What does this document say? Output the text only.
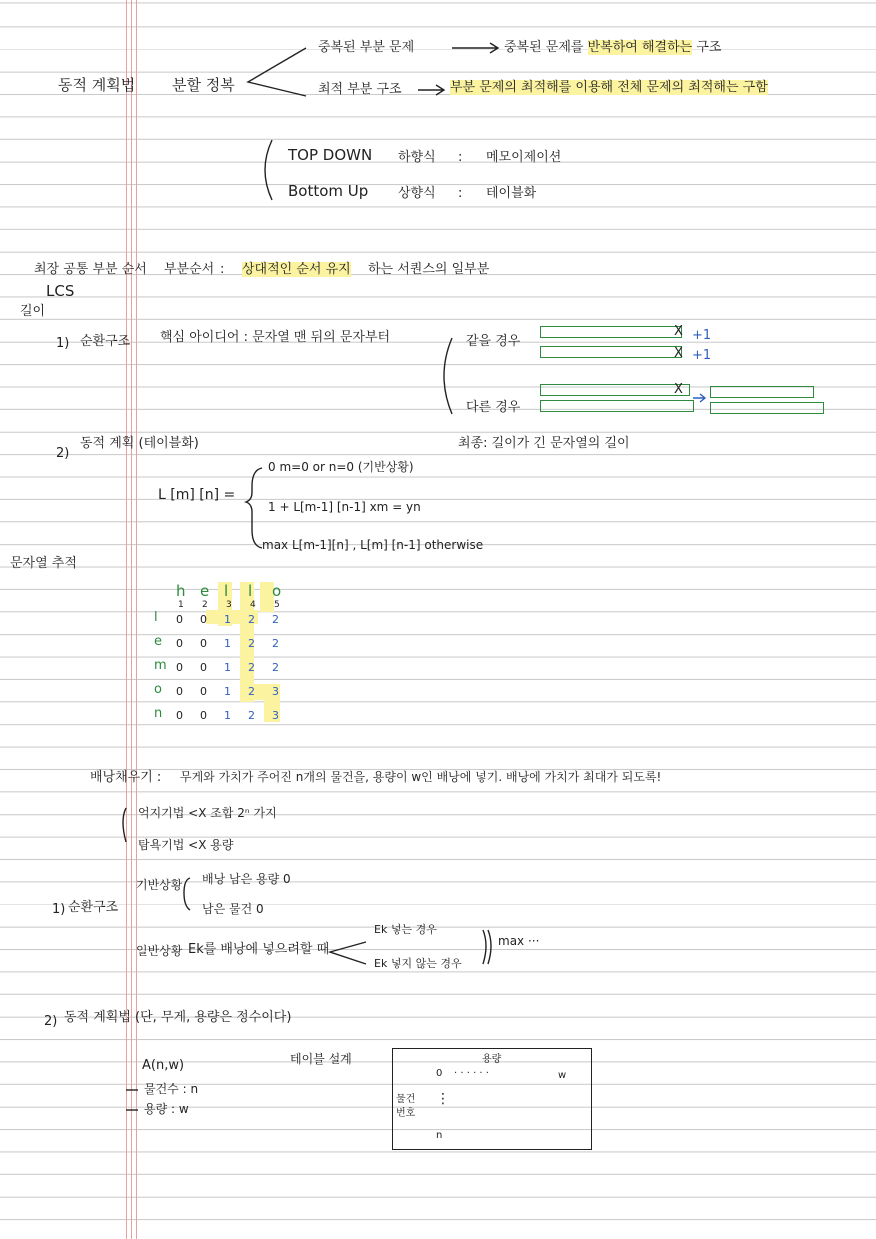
동적 계획법 분할 정복
중복된 부분 문제	중복된 문제를 반복하여 해결하는 구조
최적 부분 구조	부분 문제의 최적해를 이용해 전체 문제의 최적해는 구함
TOP DOWN 하향식 : 메모이제이션
Bottom Up 상향식 : 테이블화
최장 공통 부분 순서 부분순서 : 상대적인 순서 유지 하는 서퀀스의 일부분
LCS
길이
1) 순환구조 핵심 아이디어 : 문자열 맨 뒤의 문자부터	같을 경우
다른 경우
X
X
+1
+1
X
2)
동적 계획 (테이블화)	최종: 길이가 긴 문자열의 길이
L [m] [n] =
0 m=0 or n=0 (기반상황)
1 + L[m-1] [n-1] xm = yn
max L[m-1][n] , L[m] [n-1] otherwise
문자열 추적
h e l l o
1 2 3 4 5
l 0 0 1 2 2
e 0 0 1 2 2
m 0 0 1 2 2
o 0 0 1 2 3
n 0 0 1 2 3
배낭채우기 : 무게와 가치가 주어진 n개의 물건을, 용량이 w인 배낭에 넣기. 배낭에 가치가 최대가 되도록!
억지기법 <X 조합 2ⁿ 가지
탐욕기법 <X 용량
1) 순환구조
기반상황 배낭 남은 용량 0
남은 물건 0
일반상황 Ek를 배낭에 넣으려할 때
Ek 넣는 경우
Ek 넣지 않는 경우
max ···
2) 동적 계획법 (단, 무게, 용량은 정수이다)
A(n,w)
물건수 : n
용량 : w
테이블 설계	용량
0 · · · · · ·	w
물건
번호
⋮
n
